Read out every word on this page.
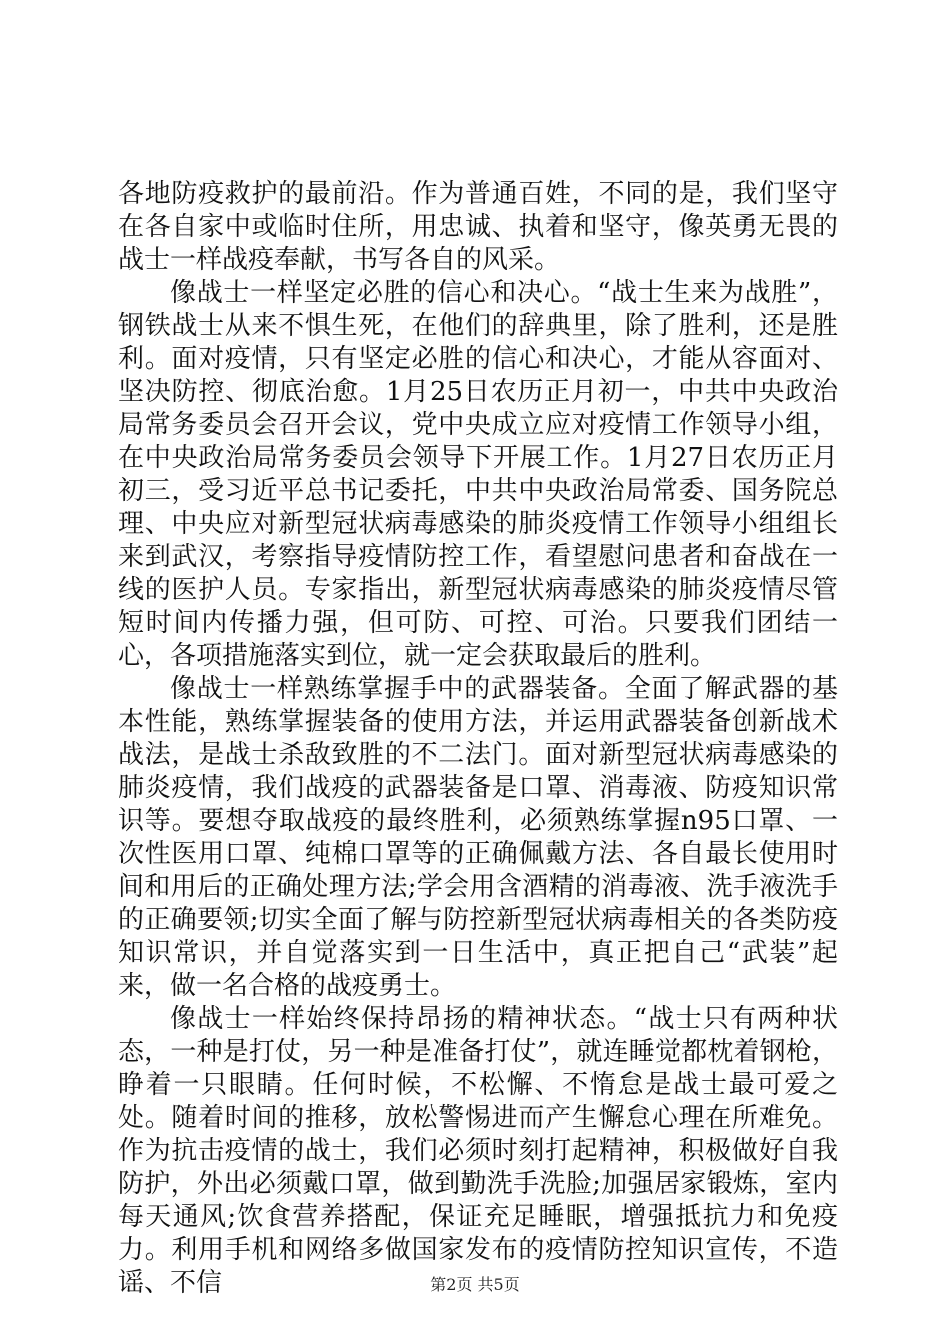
各地防疫救护的最前沿。作为普通百姓，不同的是，我们坚守在各自家中或临时住所，用忠诚、执着和坚守，像英勇无畏的战士一样战疫奉献，书写各自的风采。

像战士一样坚定必胜的信心和决心。“战士生来为战胜”，钢铁战士从来不惧生死，在他们的辞典里，除了胜利，还是胜利。面对疫情，只有坚定必胜的信心和决心，才能从容面对、坚决防控、彻底治愈。1月25日农历正月初一，中共中央政治局常务委员会召开会议，党中央成立应对疫情工作领导小组，在中央政治局常务委员会领导下开展工作。1月27日农历正月初三，受习近平总书记委托，中共中央政治局常委、国务院总理、中央应对新型冠状病毒感染的肺炎疫情工作领导小组组长来到武汉，考察指导疫情防控工作，看望慰问患者和奋战在一线的医护人员。专家指出，新型冠状病毒感染的肺炎疫情尽管短时间内传播力强，但可防、可控、可治。只要我们团结一心，各项措施落实到位，就一定会获取最后的胜利。

像战士一样熟练掌握手中的武器装备。全面了解武器的基本性能，熟练掌握装备的使用方法，并运用武器装备创新战术战法，是战士杀敌致胜的不二法门。面对新型冠状病毒感染的肺炎疫情，我们战疫的武器装备是口罩、消毒液、防疫知识常识等。要想夺取战疫的最终胜利，必须熟练掌握n95口罩、一次性医用口罩、纯棉口罩等的正确佩戴方法、各自最长使用时间和用后的正确处理方法;学会用含酒精的消毒液、洗手液洗手的正确要领;切实全面了解与防控新型冠状病毒相关的各类防疫知识常识，并自觉落实到一日生活中，真正把自己“武装”起来，做一名合格的战疫勇士。

像战士一样始终保持昂扬的精神状态。“战士只有两种状态，一种是打仗，另一种是准备打仗”，就连睡觉都枕着钢枪，睁着一只眼睛。任何时候，不松懈、不惰怠是战士最可爱之处。随着时间的推移，放松警惕进而产生懈怠心理在所难免。作为抗击疫情的战士，我们必须时刻打起精神，积极做好自我防护，外出必须戴口罩，做到勤洗手洗脸;加强居家锻炼，室内每天通风;饮食营养搭配，保证充足睡眠，增强抵抗力和免疫力。利用手机和网络多做国家发布的疫情防控知识宣传，不造谣、不信	第2页 共5页
